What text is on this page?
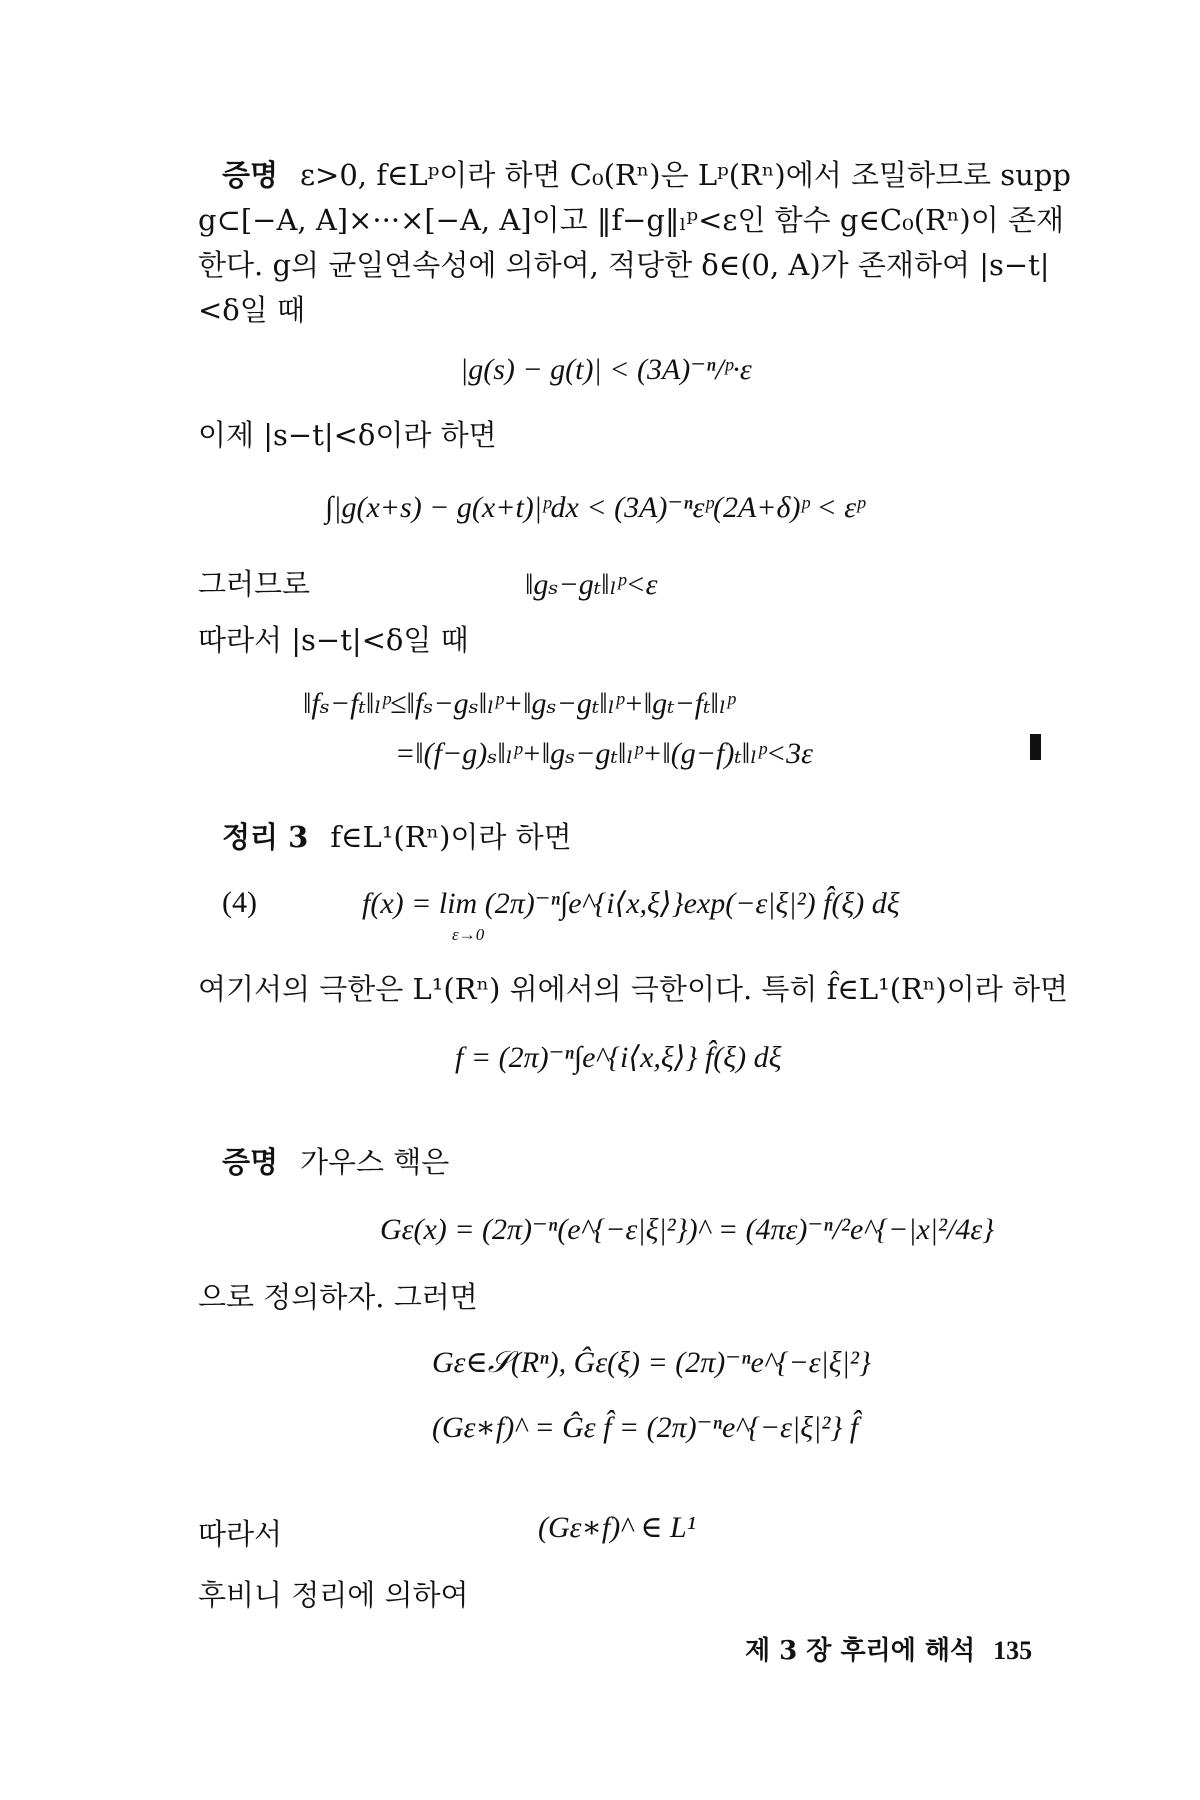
증명 ε>0, f∈Lᵖ이라 하면 C₀(Rⁿ)은 Lᵖ(Rⁿ)에서 조밀하므로 supp
g⊂[−A, A]×···×[−A, A]이고 ‖f−g‖ₗᵖ<ε인 함수 g∈C₀(Rⁿ)이 존재
한다. g의 균일연속성에 의하여, 적당한 δ∈(0, A)가 존재하여 |s−t|
<δ일 때
|g(s) − g(t)| < (3A)⁻ⁿ/ᵖ·ε
이제 |s−t|<δ이라 하면
∫|g(x+s) − g(x+t)|ᵖdx < (3A)⁻ⁿεᵖ(2A+δ)ᵖ < εᵖ
그러므로	‖gₛ−gₜ‖ₗᵖ<ε
따라서 |s−t|<δ일 때
‖fₛ−fₜ‖ₗᵖ≤‖fₛ−gₛ‖ₗᵖ+‖gₛ−gₜ‖ₗᵖ+‖gₜ−fₜ‖ₗᵖ
=‖(f−g)ₛ‖ₗᵖ+‖gₛ−gₜ‖ₗᵖ+‖(g−f)ₜ‖ₗᵖ<3ε
정리 3 f∈L¹(Rⁿ)이라 하면
(4)	f(x) = lim (2π)⁻ⁿ∫e^{i⟨x,ξ⟩}exp(−ε|ξ|²) f̂(ξ) dξ
ε→0
여기서의 극한은 L¹(Rⁿ) 위에서의 극한이다. 특히 f̂∈L¹(Rⁿ)이라 하면
f = (2π)⁻ⁿ∫e^{i⟨x,ξ⟩} f̂(ξ) dξ
증명 가우스 핵은
Gε(x) = (2π)⁻ⁿ(e^{−ε|ξ|²})^ = (4πε)⁻ⁿ/²e^{−|x|²/4ε}
으로 정의하자. 그러면
Gε∈𝒮(Rⁿ), Ĝε(ξ) = (2π)⁻ⁿe^{−ε|ξ|²}
(Gε∗f)^ = Ĝε f̂ = (2π)⁻ⁿe^{−ε|ξ|²} f̂
따라서	(Gε∗f)^ ∈ L¹
후비니 정리에 의하여
제 3 장 후리에 해석 135
